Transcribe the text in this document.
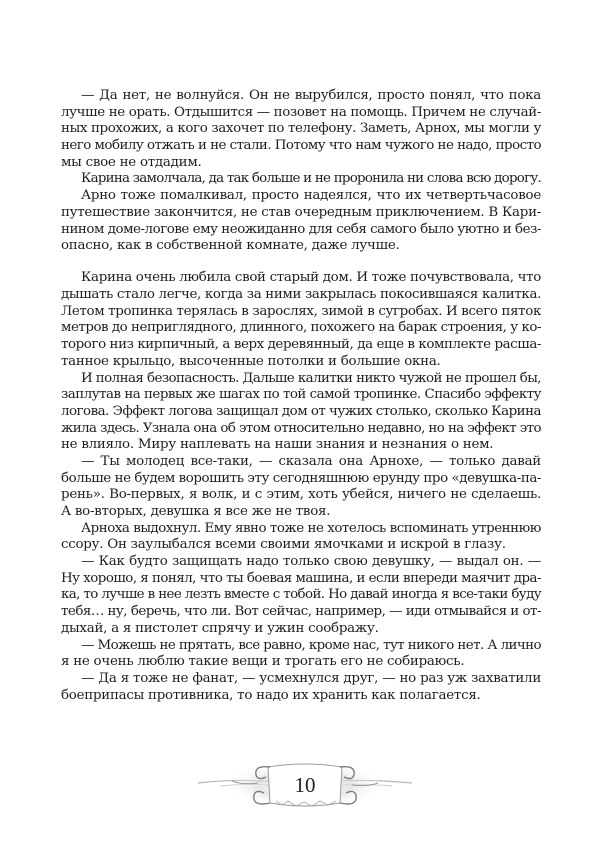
— Да нет, не волнуйся. Он не вырубился, просто понял, что пока
лучше не орать. Отдышится — позовет на помощь. Причем не случай-
ных прохожих, а кого захочет по телефону. Заметь, Арнох, мы могли у
него мобилу отжать и не стали. Потому что нам чужого не надо, просто
мы свое не отдадим.
Карина замолчала, да так больше и не проронила ни слова всю дорогу.
Арно тоже помалкивал, просто надеялся, что их четвертьчасовое
путешествие закончится, не став очередным приключением. В Кари-
нином доме-логове ему неожиданно для себя самого было уютно и без-
опасно, как в собственной комнате, даже лучше.
Карина очень любила свой старый дом. И тоже почувствовала, что
дышать стало легче, когда за ними закрылась покосившаяся калитка.
Летом тропинка терялась в зарослях, зимой в сугробах. И всего пяток
метров до неприглядного, длинного, похожего на барак строения, у ко-
торого низ кирпичный, а верх деревянный, да еще в комплекте расша-
танное крыльцо, высоченные потолки и большие окна.
И полная безопасность. Дальше калитки никто чужой не прошел бы,
заплутав на первых же шагах по той самой тропинке. Спасибо эффекту
логова. Эффект логова защищал дом от чужих столько, сколько Карина
жила здесь. Узнала она об этом относительно недавно, но на эффект это
не влияло. Миру наплевать на наши знания и незнания о нем.
— Ты молодец все-таки, — сказала она Арнохе, — только давай
больше не будем ворошить эту сегодняшнюю ерунду про «девушка-па-
рень». Во-первых, я волк, и с этим, хоть убейся, ничего не сделаешь.
А во-вторых, девушка я все же не твоя.
Арноха выдохнул. Ему явно тоже не хотелось вспоминать утреннюю
ссору. Он заулыбался всеми своими ямочками и искрой в глазу.
— Как будто защищать надо только свою девушку, — выдал он. —
Ну хорошо, я понял, что ты боевая машина, и если впереди маячит дра-
ка, то лучше в нее лезть вместе с тобой. Но давай иногда я все-таки буду
тебя… ну, беречь, что ли. Вот сейчас, например, — иди отмывайся и от-
дыхай, а я пистолет спрячу и ужин соображу.
— Можешь не прятать, все равно, кроме нас, тут никого нет. А лично
я не очень люблю такие вещи и трогать его не собираюсь.
— Да я тоже не фанат, — усмехнулся друг, — но раз уж захватили
боеприпасы противника, то надо их хранить как полагается.
10
